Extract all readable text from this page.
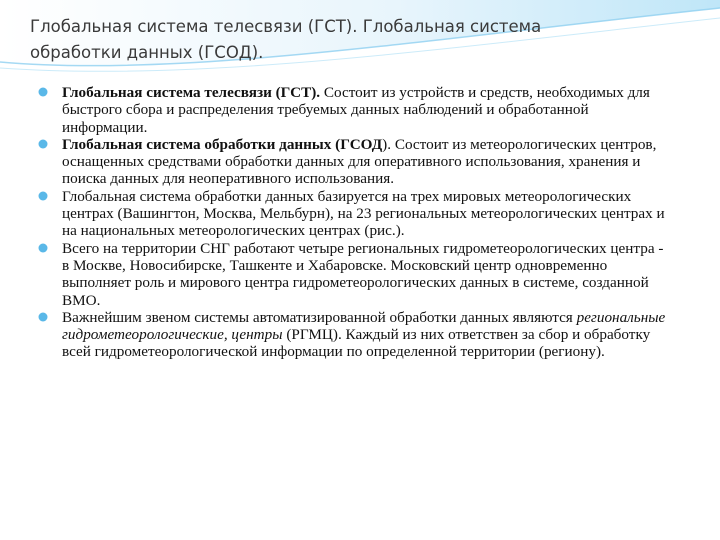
Глобальная система телесвязи (ГСТ). Глобальная система обработки данных (ГСОД).
Глобальная система телесвязи (ГСТ). Состоит из устройств и средств, необходимых для быстрого сбора и распределения требуемых данных наблюдений и обработанной информации.
Глобальная система обработки данных (ГСОД). Состоит из метеорологических центров, оснащенных средствами обработки данных для оперативного использования, хранения и поиска данных для неоперативного использования.
Глобальная система обработки данных базируется на трех мировых метеорологических центрах (Вашингтон, Москва, Мельбурн), на 23 региональных метеорологических центрах и на национальных метеорологических центрах (рис.).
Всего на территории СНГ работают четыре региональных гидрометеорологических центра - в Москве, Новосибирске, Ташкенте и Хабаровске. Московский центр одновременно выполняет роль и мирового центра гидрометеорологических данных в системе, созданной ВМО.
Важнейшим звеном системы автоматизированной обработки данных являются региональные гидрометеорологические, центры (РГМЦ). Каждый из них ответствен за сбор и обработку всей гидрометеорологической информации по определенной территории (региону).
